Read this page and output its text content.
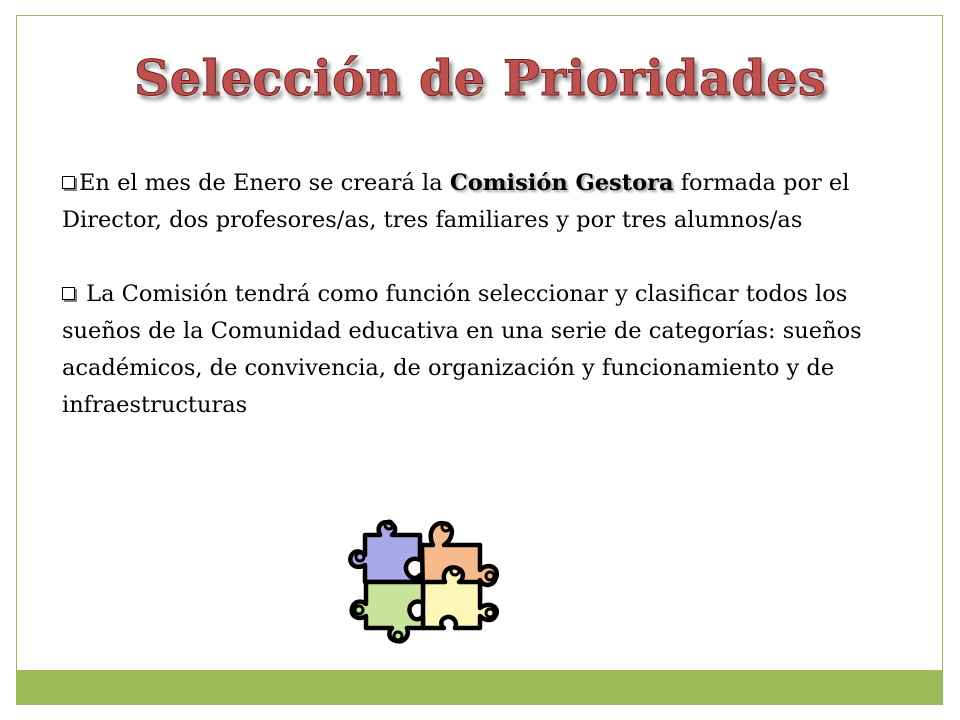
Selección de Prioridades

En el mes de Enero se creará la Comisión Gestora formada por el Director, dos profesores/as, tres familiares y por tres alumnos/as

La Comisión tendrá como función seleccionar y clasificar todos los sueños de la Comunidad educativa en una serie de categorías: sueños académicos, de convivencia, de organización y funcionamiento y de infraestructuras
